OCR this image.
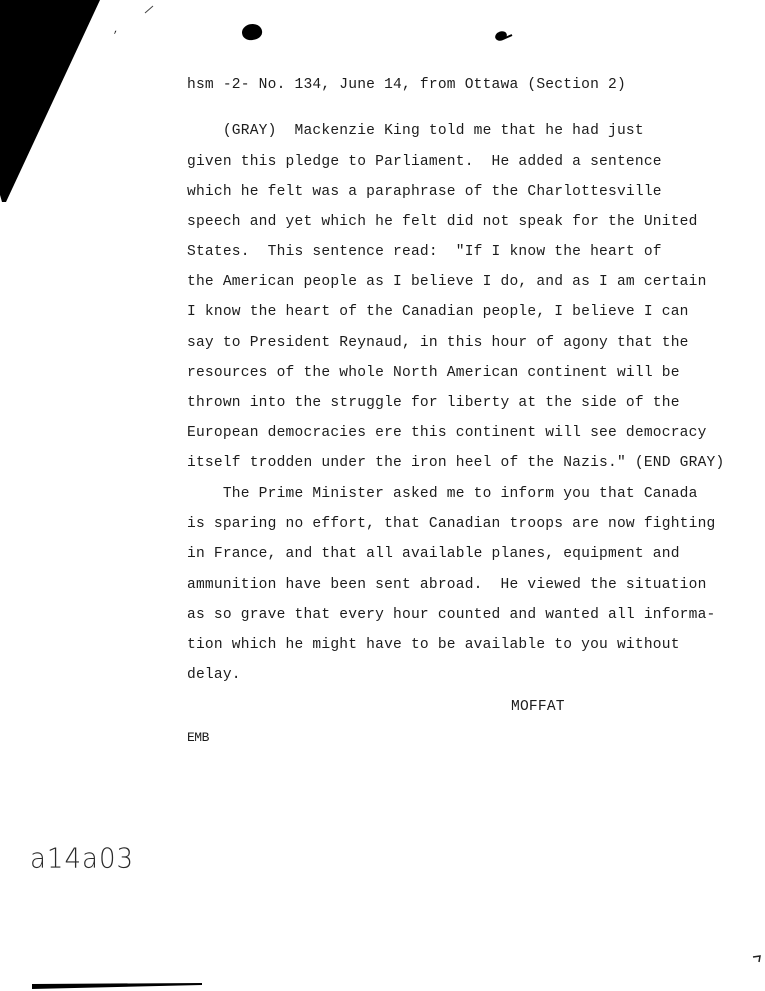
,
hsm -2- No. 134, June 14, from Ottawa (Section 2)
(GRAY)  Mackenzie King told me that he had just
given this pledge to Parliament.  He added a sentence
which he felt was a paraphrase of the Charlottesville
speech and yet which he felt did not speak for the United
States.  This sentence read:  "If I know the heart of
the American people as I believe I do, and as I am certain
I know the heart of the Canadian people, I believe I can
say to President Reynaud, in this hour of agony that the
resources of the whole North American continent will be
thrown into the struggle for liberty at the side of the
European democracies ere this continent will see democracy
itself trodden under the iron heel of the Nazis." (END GRAY)
The Prime Minister asked me to inform you that Canada
is sparing no effort, that Canadian troops are now fighting
in France, and that all available planes, equipment and
ammunition have been sent abroad.  He viewed the situation
as so grave that every hour counted and wanted all informa-
tion which he might have to be available to you without
delay.
MOFFAT
EMB
a14a03
